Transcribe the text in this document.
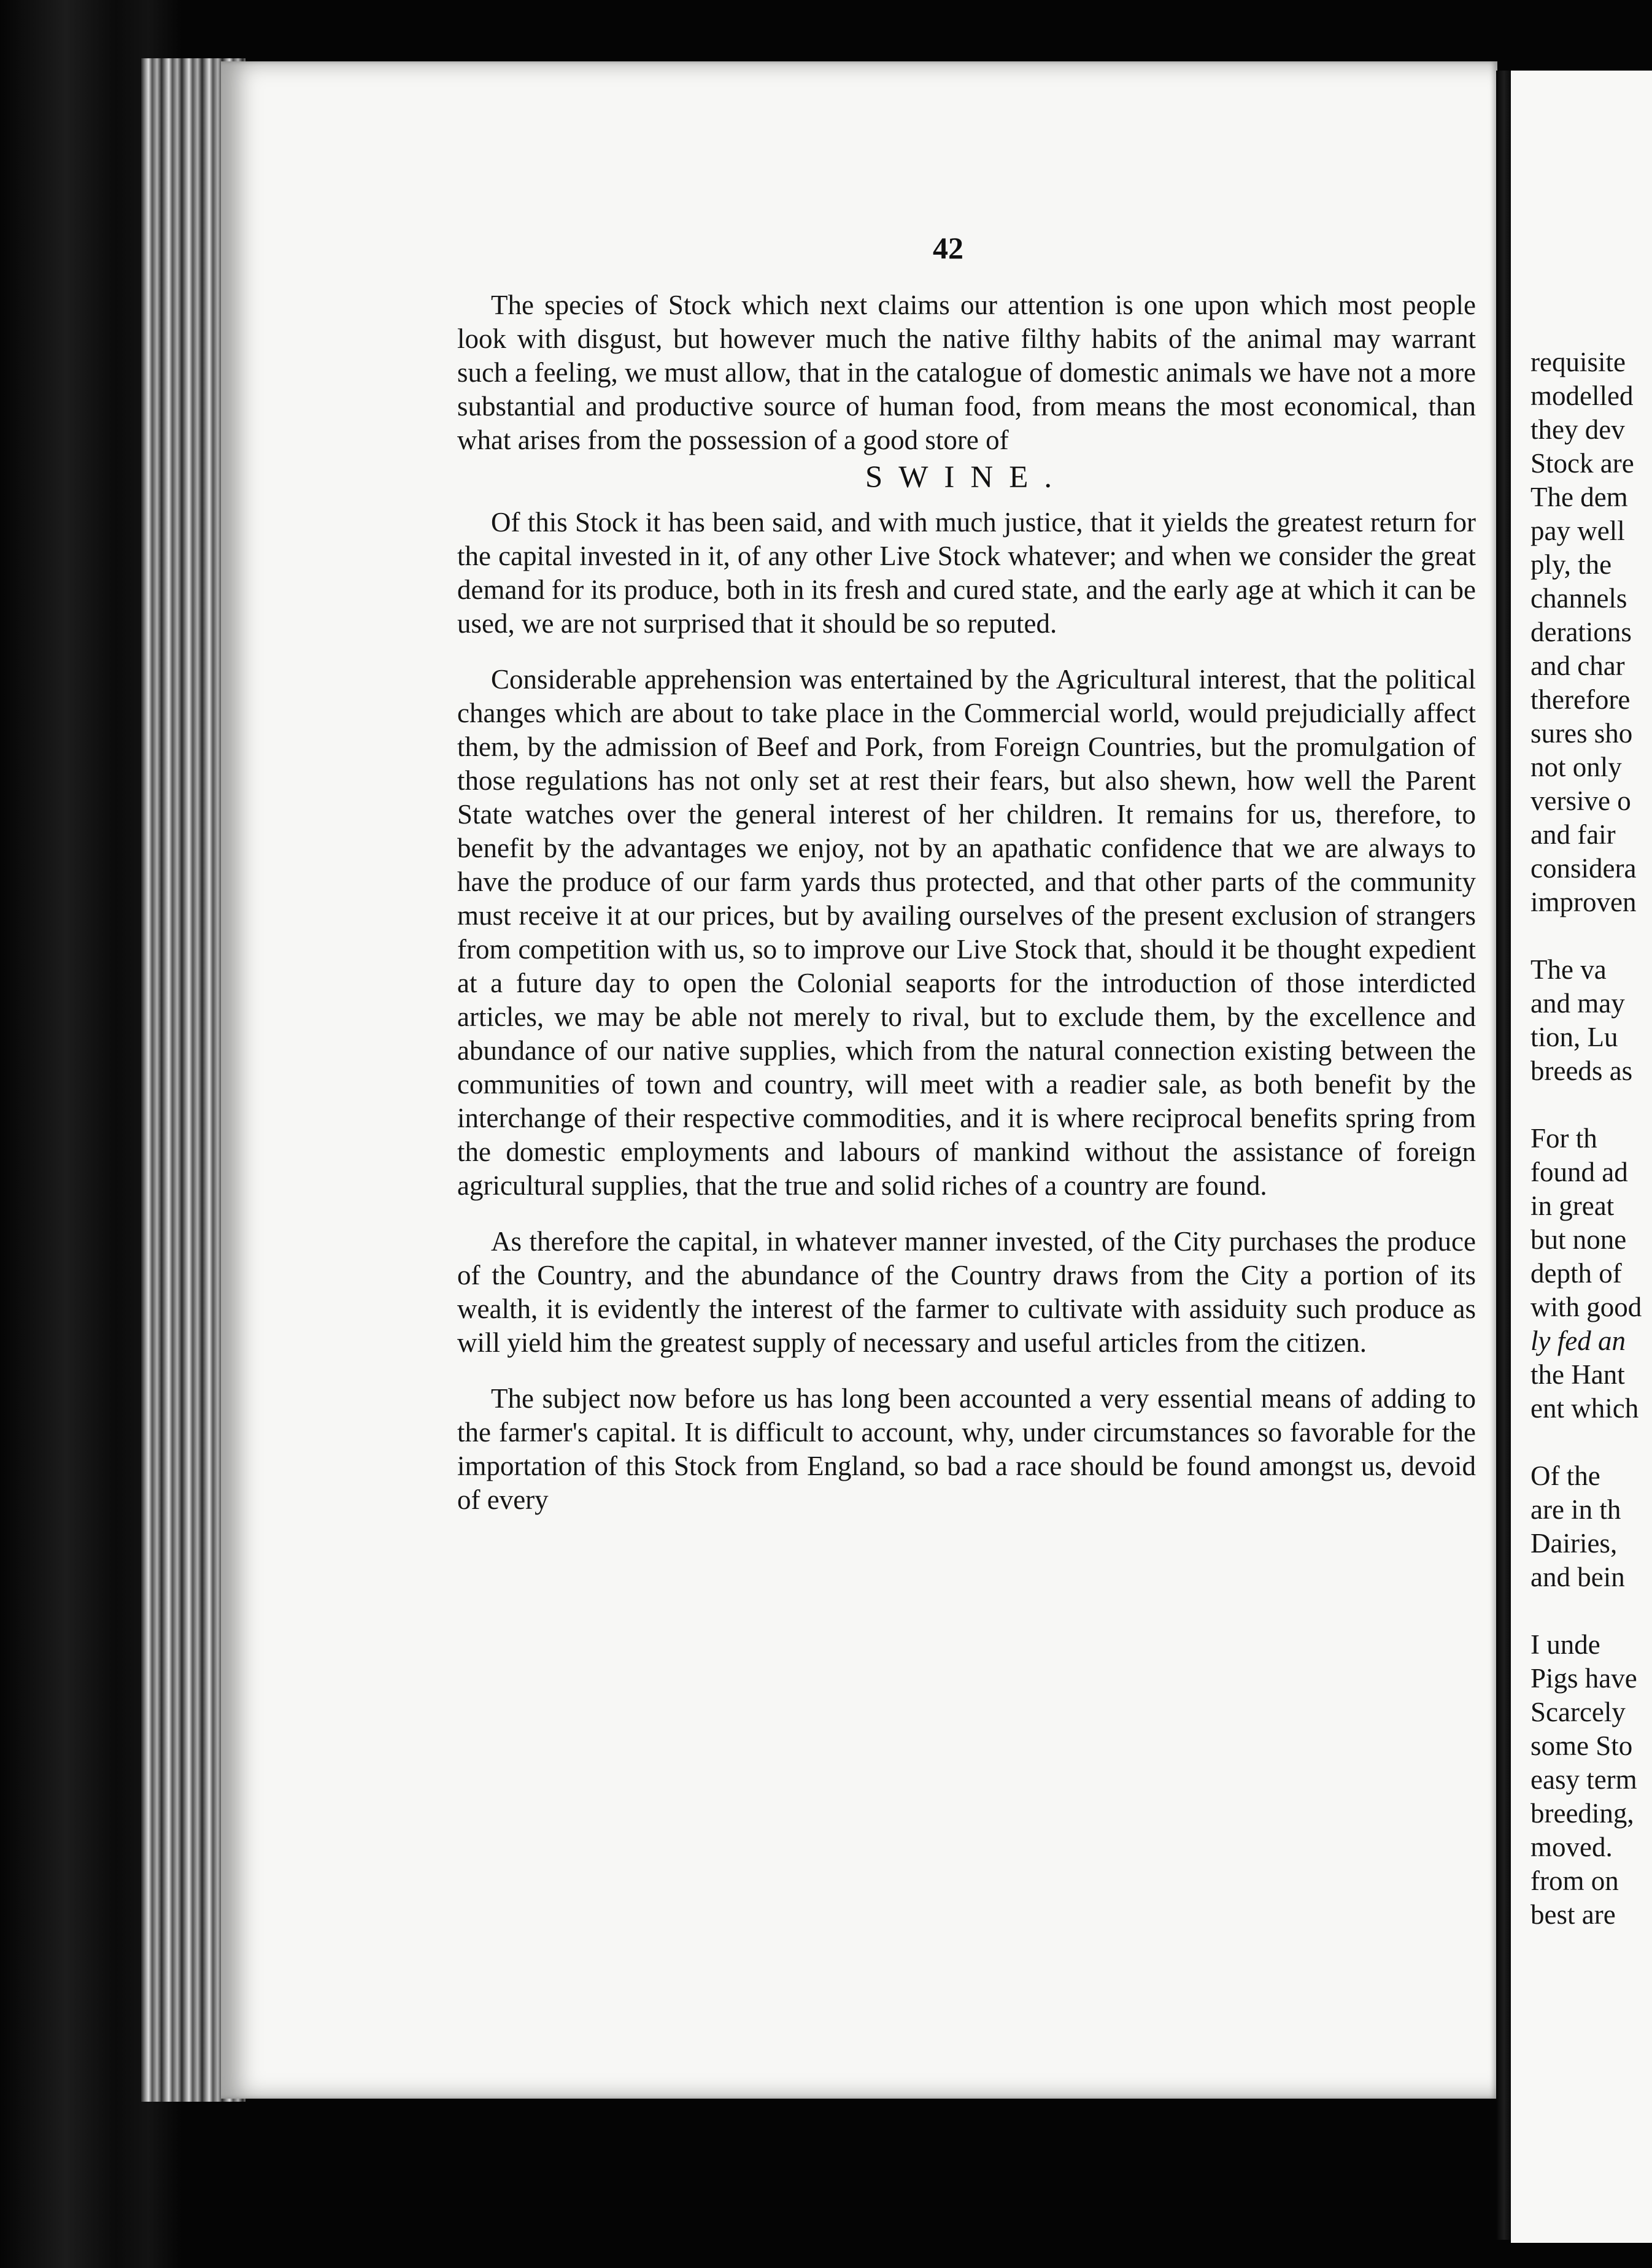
42

The species of Stock which next claims our attention is one upon which most people look with disgust, but however much the native filthy habits of the animal may warrant such a feeling, we must allow, that in the catalogue of domestic animals we have not a more substantial and productive source of human food, from means the most economical, than what arises from the possession of a good store of

SWINE.

Of this Stock it has been said, and with much justice, that it yields the greatest return for the capital invested in it, of any other Live Stock whatever; and when we consider the great demand for its produce, both in its fresh and cured state, and the early age at which it can be used, we are not surprised that it should be so reputed.

Considerable apprehension was entertained by the Agricultural interest, that the political changes which are about to take place in the Commercial world, would prejudicially affect them, by the admission of Beef and Pork, from Foreign Countries, but the promulgation of those regulations has not only set at rest their fears, but also shewn, how well the Parent State watches over the general interest of her children. It remains for us, therefore, to benefit by the advantages we enjoy, not by an apathatic confidence that we are always to have the produce of our farm yards thus protected, and that other parts of the community must receive it at our prices, but by availing ourselves of the present exclusion of strangers from competition with us, so to improve our Live Stock that, should it be thought expedient at a future day to open the Colonial seaports for the introduction of those interdicted articles, we may be able not merely to rival, but to exclude them, by the excellence and abundance of our native supplies, which from the natural connection existing between the communities of town and country, will meet with a readier sale, as both benefit by the interchange of their respective commodities, and it is where reciprocal benefits spring from the domestic employments and labours of mankind without the assistance of foreign agricultural supplies, that the true and solid riches of a country are found.

As therefore the capital, in whatever manner invested, of the City purchases the produce of the Country, and the abundance of the Country draws from the City a portion of its wealth, it is evidently the interest of the farmer to cultivate with assiduity such produce as will yield him the greatest supply of necessary and useful articles from the citizen.

The subject now before us has long been accounted a very essential means of adding to the farmer's capital. It is difficult to account, why, under circumstances so favorable for the importation of this Stock from England, so bad a race should be found amongst us, devoid of every

requisite
modelled
they dev
Stock are
The dem
pay well
ply, the
channels
derations
and char
therefore
sures sho
not only
versive o
and fair
considera
improven
The va
and may
tion, Lu
breeds as
For th
found ad
in great
but none
depth of
with good
ly fed an
the Hant
ent which
Of the
are in th
Dairies,
and bein
I unde
Pigs have
Scarcely
some Sto
easy term
breeding,
moved.
from on
best are
